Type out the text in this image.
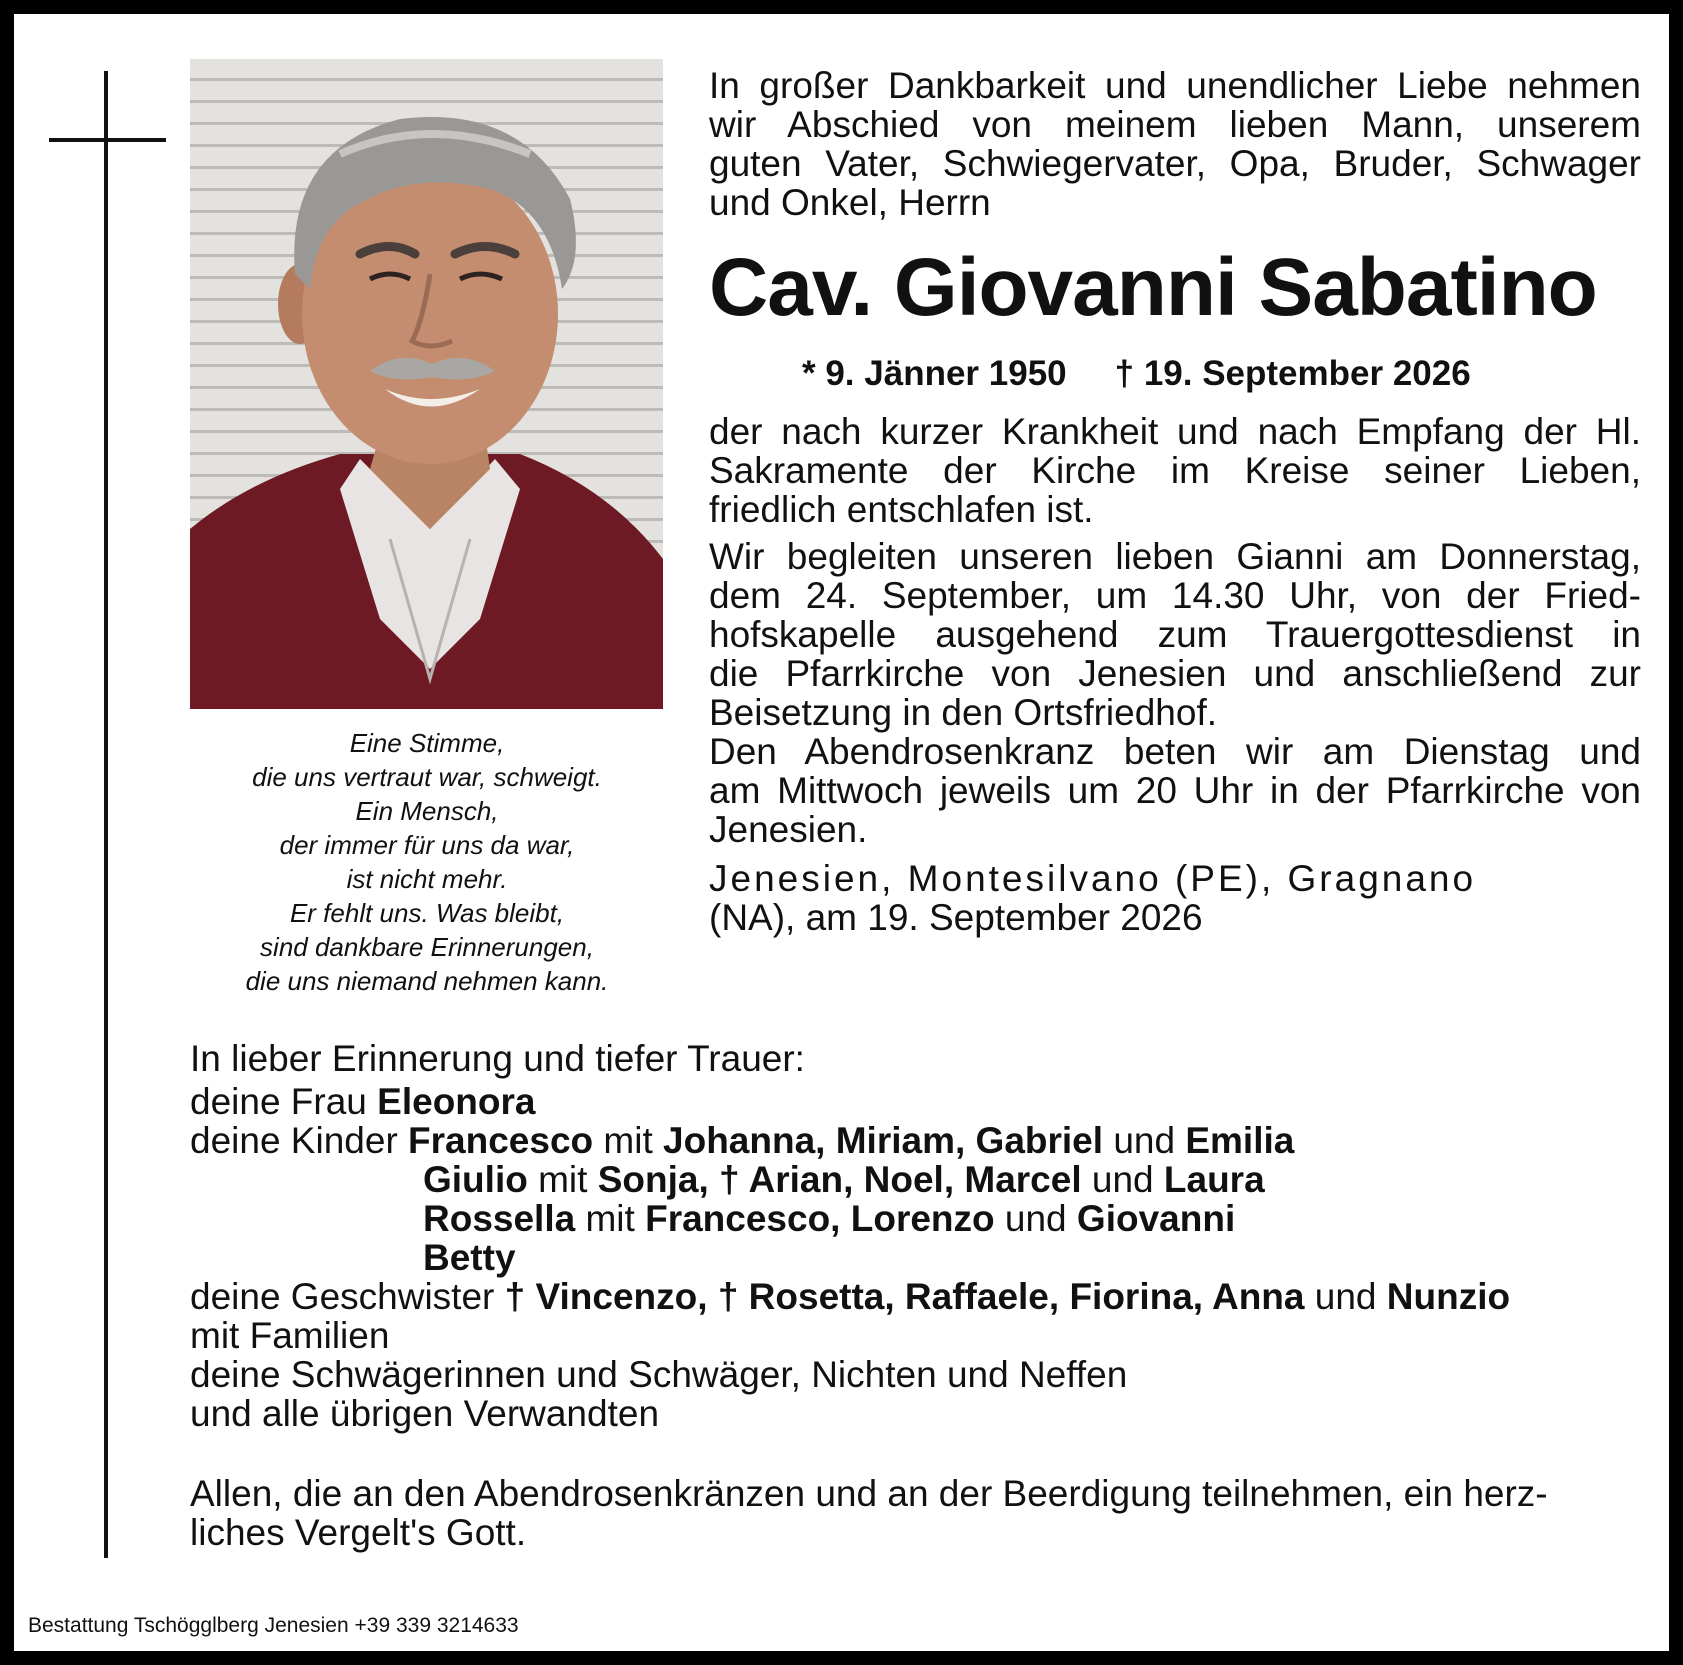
Eine Stimme,
die uns vertraut war, schweigt.
Ein Mensch,
der immer für uns da war,
ist nicht mehr.
Er fehlt uns. Was bleibt,
sind dankbare Erinnerungen,
die uns niemand nehmen kann.
In großer Dankbarkeit und unendlicher Liebe nehmen
wir Abschied von meinem lieben Mann, unserem
guten Vater, Schwiegervater, Opa, Bruder, Schwager
und Onkel, Herrn
Cav. Giovanni Sabatino
* 9. Jänner 1950 † 19. September 2026
der nach kurzer Krankheit und nach Empfang der Hl.
Sakramente der Kirche im Kreise seiner Lieben,
friedlich entschlafen ist.
Wir begleiten unseren lieben Gianni am Donnerstag,
dem 24. September, um 14.30 Uhr, von der Fried-
hofskapelle ausgehend zum Trauergottesdienst in
die Pfarrkirche von Jenesien und anschließend zur
Beisetzung in den Ortsfriedhof.
Den Abendrosenkranz beten wir am Dienstag und
am Mittwoch jeweils um 20 Uhr in der Pfarrkirche von
Jenesien.
Jenesien, Montesilvano (PE), Gragnano
(NA), am 19. September 2026
In lieber Erinnerung und tiefer Trauer:
deine Frau Eleonora
deine Kinder Francesco mit Johanna, Miriam, Gabriel und Emilia
Giulio mit Sonja, † Arian, Noel, Marcel und Laura
Rossella mit Francesco, Lorenzo und Giovanni
Betty
deine Geschwister † Vincenzo, † Rosetta, Raffaele, Fiorina, Anna und Nunzio
mit Familien
deine Schwägerinnen und Schwäger, Nichten und Neffen
und alle übrigen Verwandten
Allen, die an den Abendrosenkränzen und an der Beerdigung teilnehmen, ein herz-
liches Vergelt's Gott.
Bestattung Tschögglberg Jenesien +39 339 3214633
